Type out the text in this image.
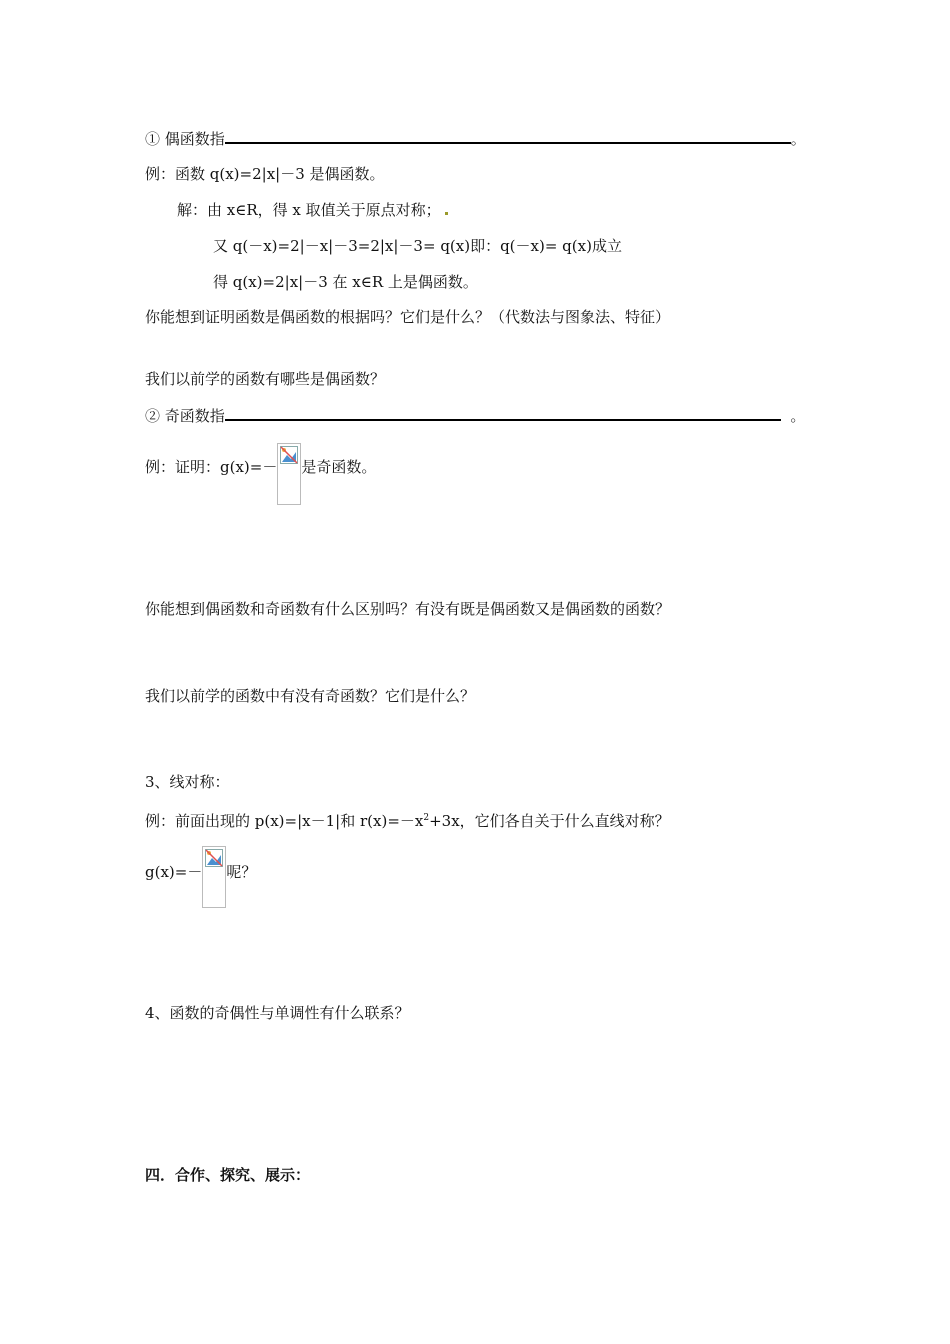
① 偶函数指	。
例：函数 q(x)=2|x|－3 是偶函数。
解：由 x∈R，得 x 取值关于原点对称；
又 q(－x)=2|－x|－3=2|x|－3= q(x)即：q(－x)= q(x)成立
得 q(x)=2|x|－3 在 x∈R 上是偶函数。
你能想到证明函数是偶函数的根据吗？它们是什么？（代数法与图象法、特征）
我们以前学的函数有哪些是偶函数？
② 奇函数指	。
例：证明：g(x)=－ 是奇函数。
你能想到偶函数和奇函数有什么区别吗？有没有既是偶函数又是偶函数的函数？
我们以前学的函数中有没有奇函数？它们是什么？
3、线对称：
例：前面出现的 p(x)=|x－1|和 $r(x)=-x^2+3x$，它们各自关于什么直线对称？
g(x)=－ 呢？
4、函数的奇偶性与单调性有什么联系？
四．合作、探究、展示：
